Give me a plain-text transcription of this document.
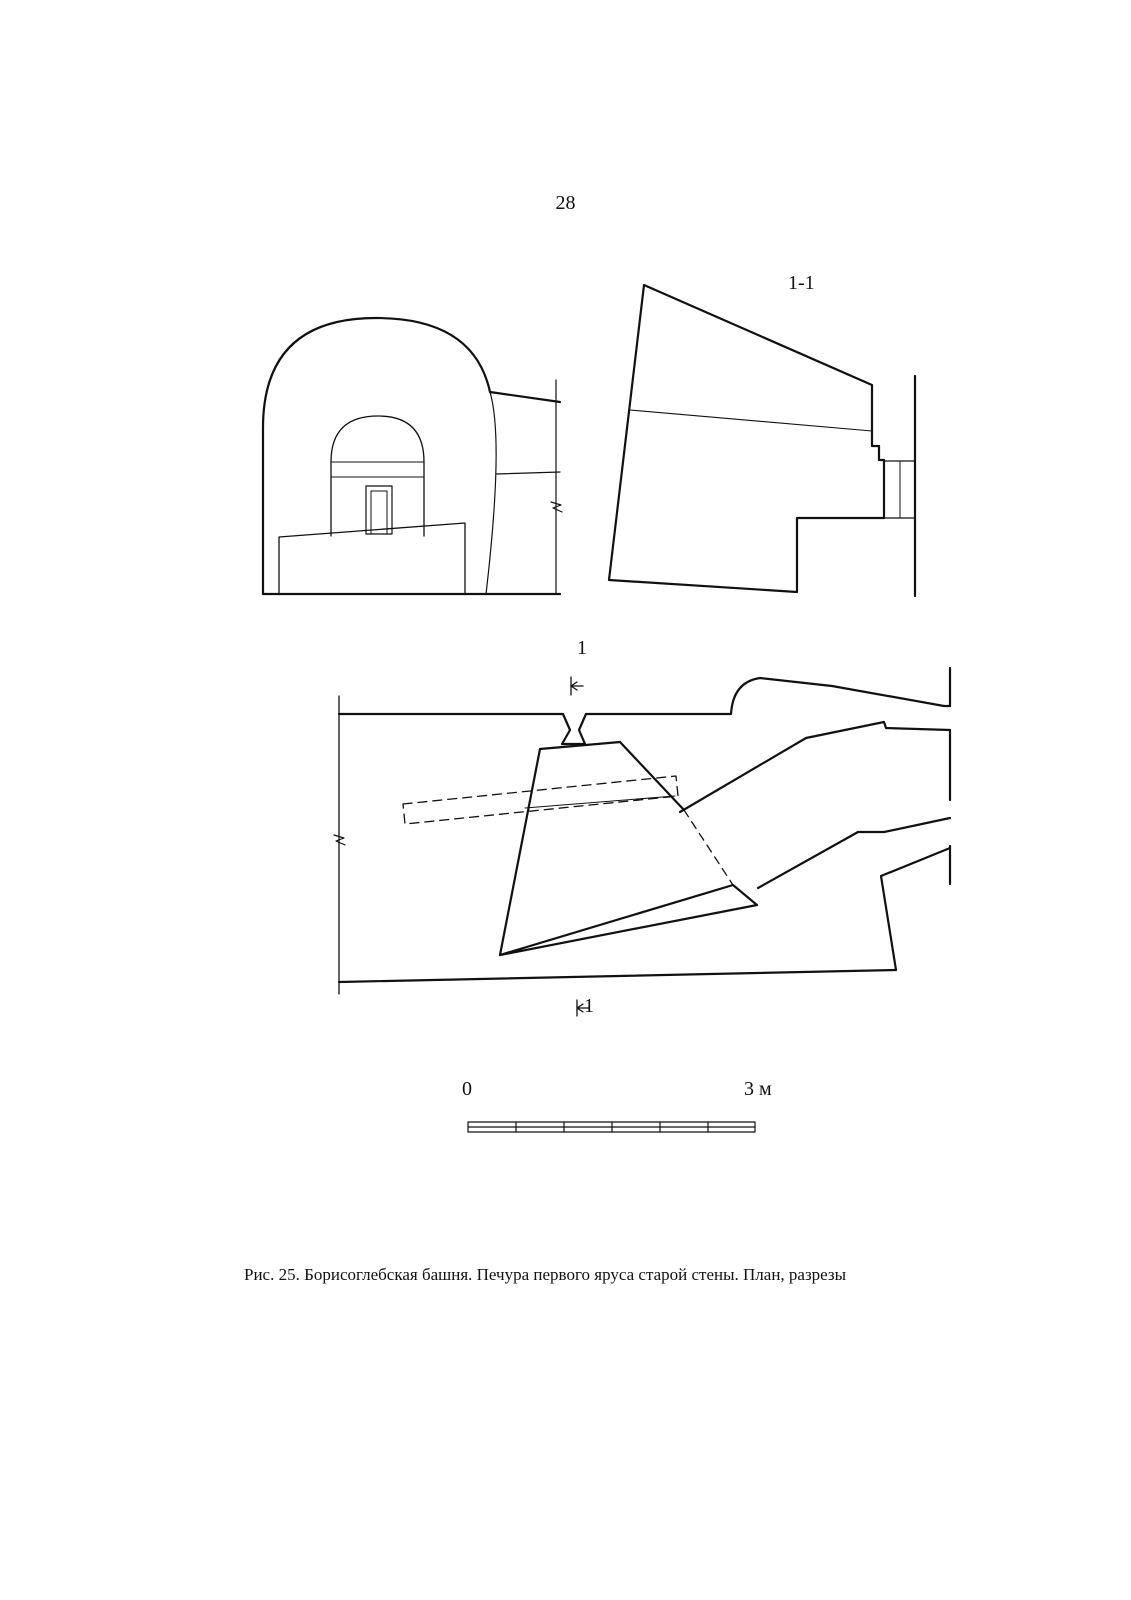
28
1-1
1
1
0	3 м
Рис. 25. Борисоглебская башня. Печура первого яруса старой стены. План, разрезы
